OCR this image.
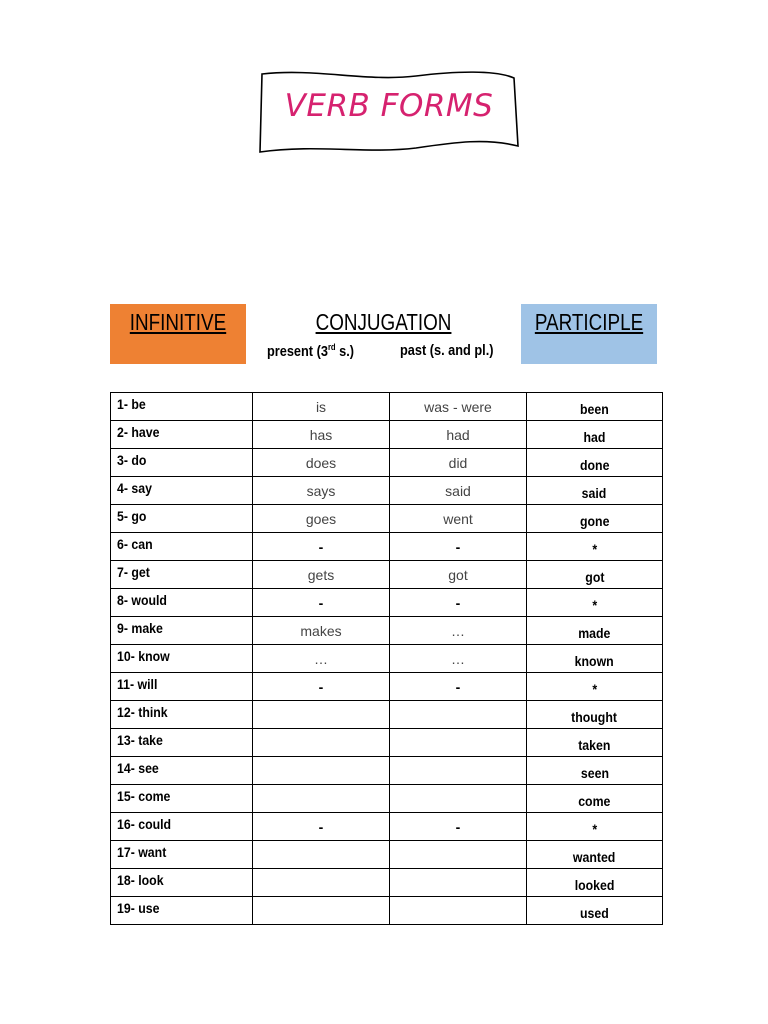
VERB FORMS
INFINITIVE	CONJUGATION
present (3rd s.)	past (s. and pl.)
PARTICIPLE
1- be	is	was - were	been
2- have	has	had	had
3- do	does	did	done
4- say	says	said	said
5- go	goes	went	gone
6- can	-	-	*
7- get	gets	got	got
8- would	-	-	*
9- make	makes	…	made
10- know	…	…	known
11- will	-	-	*
12- think			thought
13- take			taken
14- see			seen
15- come			come
16- could	-	-	*
17- want			wanted
18- look			looked
19- use			used
